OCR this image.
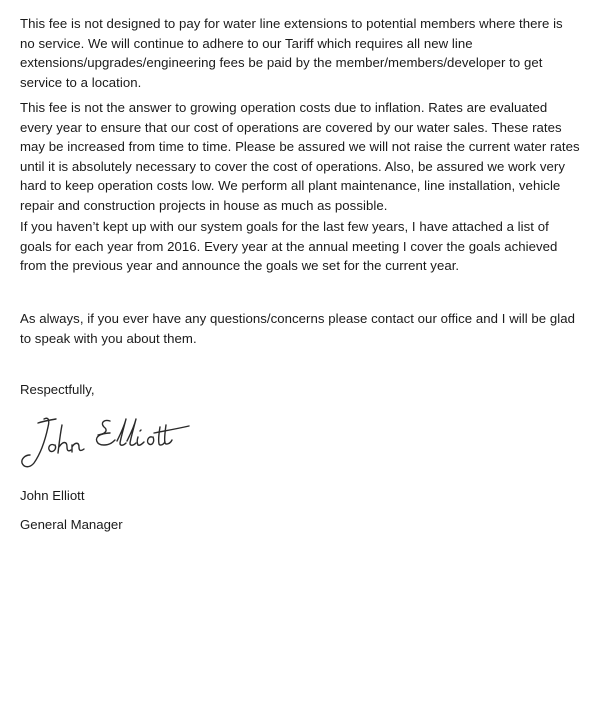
This fee is not designed to pay for water line extensions to potential members where there is no service. We will continue to adhere to our Tariff which requires all new line extensions/upgrades/engineering fees be paid by the member/members/developer to get service to a location.

This fee is not the answer to growing operation costs due to inflation. Rates are evaluated every year to ensure that our cost of operations are covered by our water sales. These rates may be increased from time to time. Please be assured we will not raise the current water rates until it is absolutely necessary to cover the cost of operations. Also, be assured we work very hard to keep operation costs low. We perform all plant maintenance, line installation, vehicle repair and construction projects in house as much as possible.

If you haven’t kept up with our system goals for the last few years, I have attached a list of goals for each year from 2016. Every year at the annual meeting I cover the goals achieved from the previous year and announce the goals we set for the current year.

As always, if you ever have any questions/concerns please contact our office and I will be glad to speak with you about them.

Respectfully,

John Elliott

General Manager
